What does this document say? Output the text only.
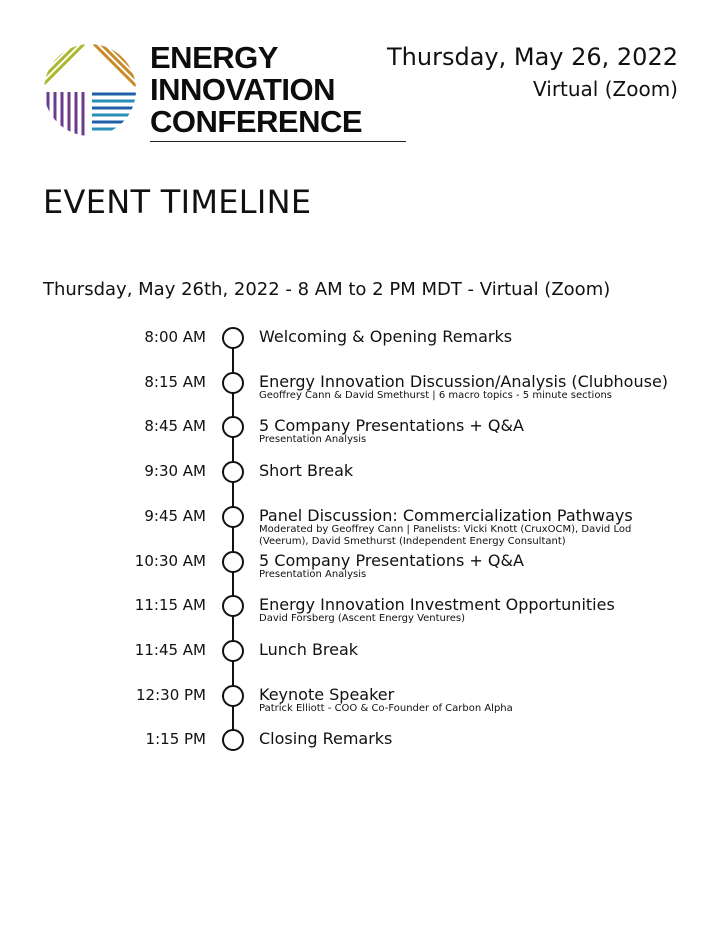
ENERGY
INNOVATION
CONFERENCE
Thursday, May 26, 2022
Virtual (Zoom)
EVENT TIMELINE
Thursday, May 26th, 2022 - 8 AM to 2 PM MDT - Virtual (Zoom)
8:00 AM	Welcoming & Opening Remarks
8:15 AM	Energy Innovation Discussion/Analysis (Clubhouse)
Geoffrey Cann & David Smethurst | 6 macro topics - 5 minute sections
8:45 AM	5 Company Presentations + Q&A
Presentation Analysis
9:30 AM	Short Break
9:45 AM	Panel Discussion: Commercialization Pathways
Moderated by Geoffrey Cann | Panelists: Vicki Knott (CruxOCM), David Lod
(Veerum), David Smethurst (Independent Energy Consultant)
10:30 AM	5 Company Presentations + Q&A
Presentation Analysis
11:15 AM	Energy Innovation Investment Opportunities
David Forsberg (Ascent Energy Ventures)
11:45 AM	Lunch Break
12:30 PM	Keynote Speaker
Patrick Elliott - COO & Co-Founder of Carbon Alpha
1:15 PM	Closing Remarks
